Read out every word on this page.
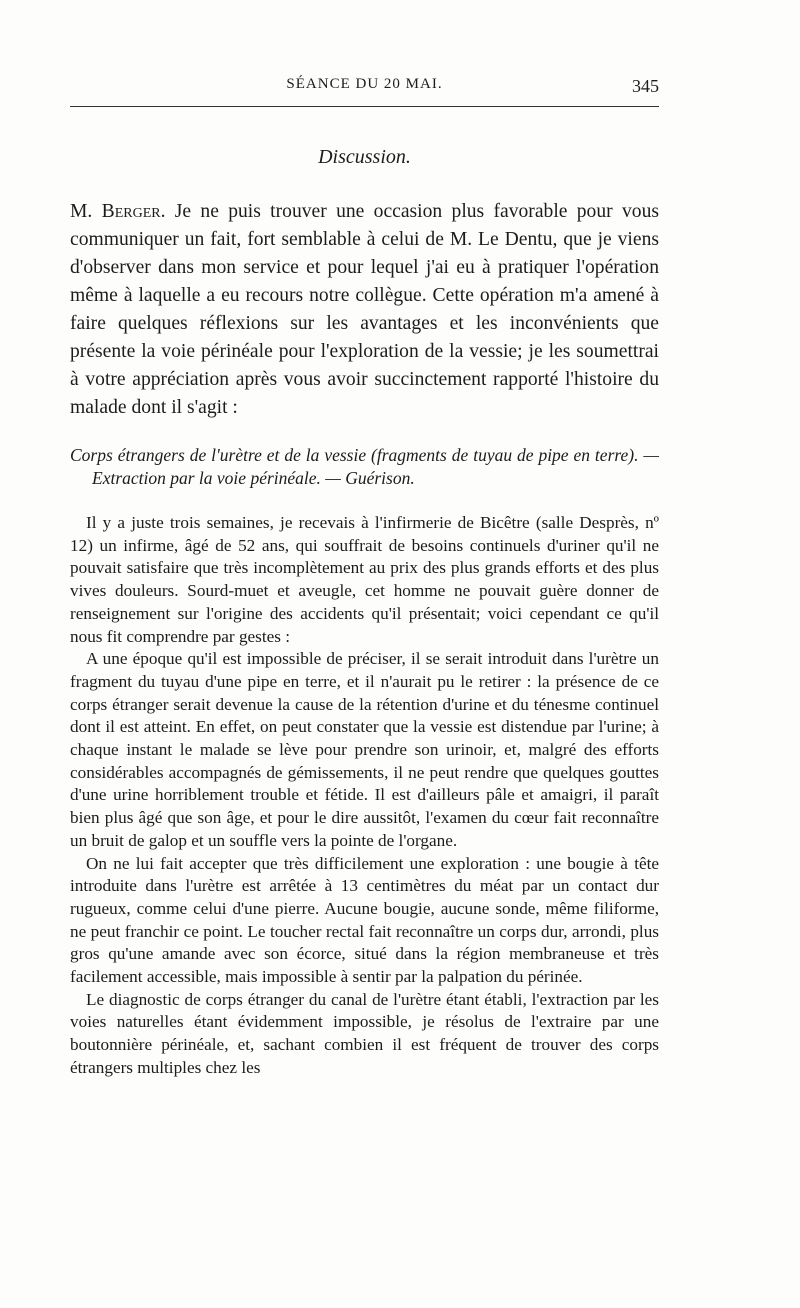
SÉANCE DU 20 MAI.	345
Discussion.

M. Berger. Je ne puis trouver une occasion plus favorable pour vous communiquer un fait, fort semblable à celui de M. Le Dentu, que je viens d'observer dans mon service et pour lequel j'ai eu à pratiquer l'opération même à laquelle a eu recours notre collègue. Cette opération m'a amené à faire quelques réflexions sur les avantages et les inconvénients que présente la voie périnéale pour l'exploration de la vessie; je les soumettrai à votre appréciation après vous avoir succinctement rapporté l'histoire du malade dont il s'agit :

Corps étrangers de l'urètre et de la vessie (fragments de tuyau de pipe en terre). — Extraction par la voie périnéale. — Guérison.

Il y a juste trois semaines, je recevais à l'infirmerie de Bicêtre (salle Desprès, nº 12) un infirme, âgé de 52 ans, qui souffrait de besoins continuels d'uriner qu'il ne pouvait satisfaire que très incomplètement au prix des plus grands efforts et des plus vives douleurs. Sourd-muet et aveugle, cet homme ne pouvait guère donner de renseignement sur l'origine des accidents qu'il présentait; voici cependant ce qu'il nous fit comprendre par gestes :

A une époque qu'il est impossible de préciser, il se serait introduit dans l'urètre un fragment du tuyau d'une pipe en terre, et il n'aurait pu le retirer : la présence de ce corps étranger serait devenue la cause de la rétention d'urine et du ténesme continuel dont il est atteint. En effet, on peut constater que la vessie est distendue par l'urine; à chaque instant le malade se lève pour prendre son urinoir, et, malgré des efforts considérables accompagnés de gémissements, il ne peut rendre que quelques gouttes d'une urine horriblement trouble et fétide. Il est d'ailleurs pâle et amaigri, il paraît bien plus âgé que son âge, et pour le dire aussitôt, l'examen du cœur fait reconnaître un bruit de galop et un souffle vers la pointe de l'organe.

On ne lui fait accepter que très difficilement une exploration : une bougie à tête introduite dans l'urètre est arrêtée à 13 centimètres du méat par un contact dur rugueux, comme celui d'une pierre. Aucune bougie, aucune sonde, même filiforme, ne peut franchir ce point. Le toucher rectal fait reconnaître un corps dur, arrondi, plus gros qu'une amande avec son écorce, situé dans la région membraneuse et très facilement accessible, mais impossible à sentir par la palpation du périnée.

Le diagnostic de corps étranger du canal de l'urètre étant établi, l'extraction par les voies naturelles étant évidemment impossible, je résolus de l'extraire par une boutonnière périnéale, et, sachant combien il est fréquent de trouver des corps étrangers multiples chez les
